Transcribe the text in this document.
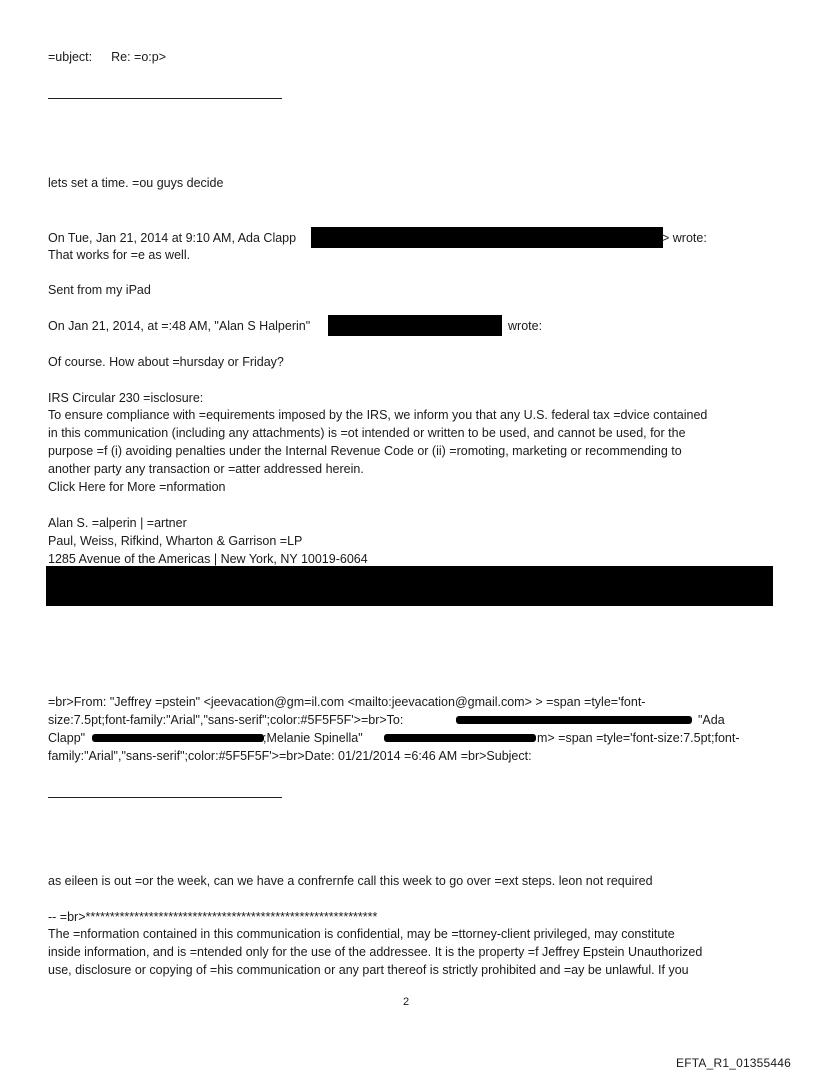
=ubject: Re: =o:p>

lets set a time. =ou guys decide

On Tue, Jan 21, 2014 at 9:10 AM, Ada Clapp	> wrote:

That works for =e as well.

Sent from my iPad

On Jan 21, 2014, at =:48 AM, "Alan S Halperin"	wrote:

Of course. How about =hursday or Friday?

IRS Circular 230 =isclosure:

To ensure compliance with =equirements imposed by the IRS, we inform you that any U.S. federal tax =dvice contained

in this communication (including any attachments) is =ot intended or written to be used, and cannot be used, for the

purpose =f (i) avoiding penalties under the Internal Revenue Code or (ii) =romoting, marketing or recommending to

another party any transaction or =atter addressed herein.

Click Here for More =nformation

Alan S. =alperin | =artner

Paul, Weiss, Rifkind, Wharton & Garrison =LP

1285 Avenue of the Americas | New York, NY 10019-6064

=br>From: "Jeffrey =pstein" <jeevacation@gm=il.com <mailto:jeevacation@gmail.com> > =span =tyle='font-

size:7.5pt;font-family:"Arial","sans-serif";color:#5F5F5F'>=br>To:	"Ada

Clapp"	;Melanie Spinella"	m> =span =tyle='font-size:7.5pt;font-

family:"Arial","sans-serif";color:#5F5F5F'>=br>Date: 01/21/2014 =6:46 AM =br>Subject:

as eileen is out =or the week, can we have a confrernfe call this week to go over =ext steps. leon not required

-- =br>************************************************************

The =nformation contained in this communication is confidential, may be =ttorney-client privileged, may constitute

inside information, and is =ntended only for the use of the addressee. It is the property =f Jeffrey Epstein Unauthorized

use, disclosure or copying of =his communication or any part thereof is strictly prohibited and =ay be unlawful. If you

2
EFTA_R1_01355446
